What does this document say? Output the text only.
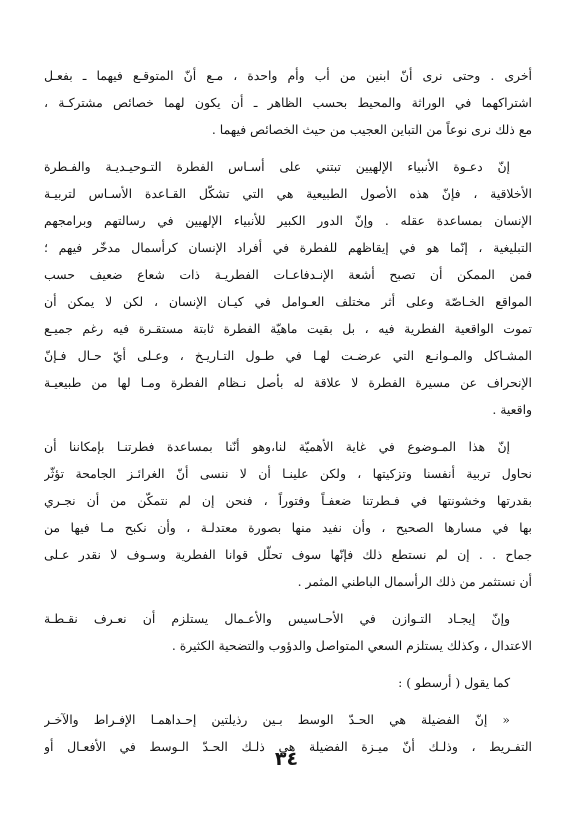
أخرى . وحتى نرى أنّ ابنين من أب وأم واحدة ، مـع أنّ المتوقـع فيهما ـ بفعـل
اشتراكهما في الوراثة والمحيط بحسب الظاهر ـ أن يكون لهما خصائص مشتركـة ،
مع ذلك نرى نوعاً من التباين العجيب من حيث الخصائص فيهما .
إنّ دعـوة الأنبياء الإلهيين تبتني على أسـاس الفطرة التـوحيـديـة والفـطرة
الأخلاقية ، فإنّ هذه الأصول الطبيعية هي التي تشكّل القـاعدة الأسـاس لتربيـة
الإنسان بمساعدة عقله . وإنّ الدور الكبير للأنبياء الإلهيين في رسالتهم وبرامجهم
التبليغية ، إنّما هو في إيقاظهم للفطرة في أفراد الإنسان كرأسمال مدخّر فيهم ؛
فمن الممكن أن تصبح أشعة الإنـدفاعـات الفطريـة ذات شعاع ضعيف حسب
المواقع الخـاصّة وعلى أثر مختلف العـوامل في كيـان الإنسان ، لكن لا يمكن أن
تموت الواقعية الفطرية فيه ، بل بقيت ماهيّة الفطرة ثابتة مستقـرة فيه رغم جميـع
المشـاكل والمـوانـع التي عرضـت لهـا في طـول التـاريـخ ، وعـلى أيّ حـال فـإنّ
الإنحراف عن مسيرة الفطرة لا علاقة له بأصل نـظام الفطرة ومـا لها من طبيعيـة
واقعية .
إنّ هذا المـوضوع في غاية الأهميّة لنا،وهو أنّنا بمساعدة فطرتنـا بإمكاننا أن
نحاول تربية أنفسنا وتزكيتها ، ولكن علينـا أن لا ننسى أنّ الغرائـز الجامحة تؤثّر
بقدرتها وخشونتها في فـطرتنا ضعفـاً وفتوراً ، فنحن إن لم نتمكّن من أن نجـري
بها في مسارها الصحيح ، وأن نفيد منها بصورة معتدلـة ، وأن نكبح مـا فيها من
جماح . . إن لم نستطع ذلك فإنّها سوف تحلّل قوانا الفطرية وسـوف لا نقدر عـلى
أن نستثمر من ذلك الرأسمال الباطني المثمر .
وإنّ إيجـاد التـوازن في الأحـاسيس والأعـمال يستلزم أن نعـرف نقـطـة
الاعتدال ، وكذلك يستلزم السعي المتواصل والدؤوب والتضحية الكثيرة .
كما يقول ( أرسطو ) :
« إنّ الفضيلة هي الحـدّ الوسط بـين رذيلتين إحـداهمـا الإفـراط والآخـر
التفـريط ، وذلـك أنّ ميـزة الفضيلة هي ذلـك الحـدّ الـوسط في الأفعـال أو
٣٤
